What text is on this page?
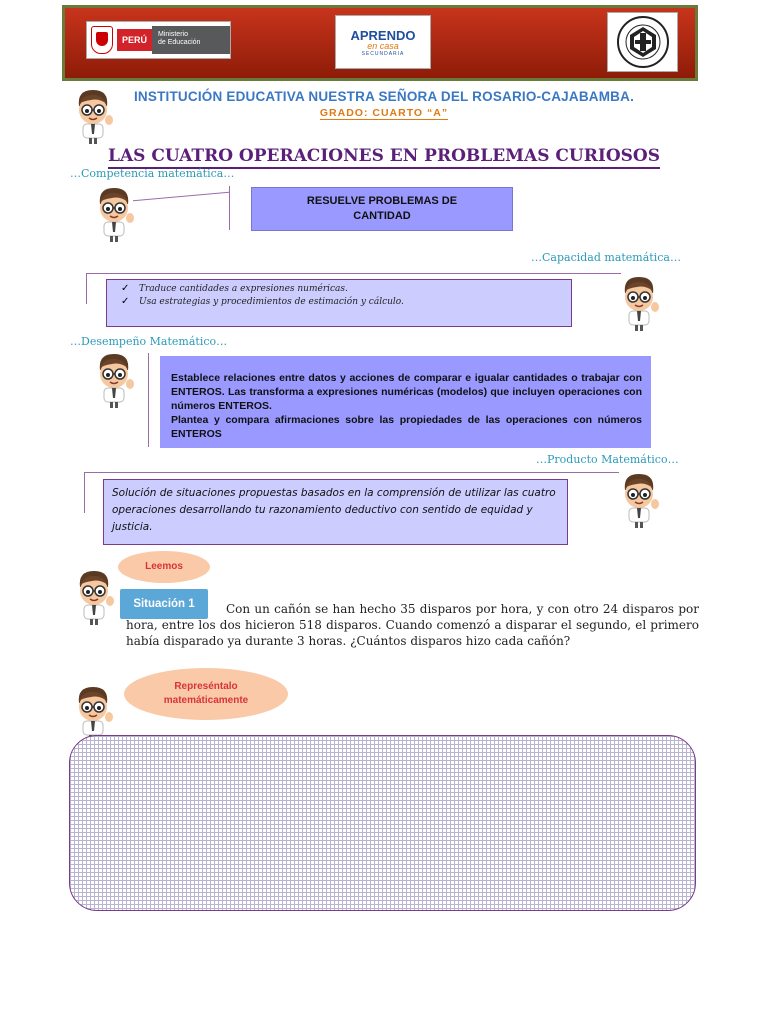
PERÚ
Ministerio
de Educación	APRENDO
en casa
SECUNDARIA
INSTITUCIÓN EDUCATIVA NUESTRA SEÑORA DEL ROSARIO-CAJABAMBA.
GRADO: CUARTO “A”
LAS CUATRO OPERACIONES EN PROBLEMAS CURIOSOS
…Competencia matemática…
RESUELVE PROBLEMAS DE
CANTIDAD
…Capacidad matemática…
✓ Traduce cantidades a expresiones numéricas.
✓ Usa estrategias y procedimientos de estimación y cálculo.
…Desempeño Matemático…
Establece relaciones entre datos y acciones de comparar e igualar cantidades o trabajar con ENTEROS. Las transforma a expresiones numéricas (modelos) que incluyen operaciones con números ENTEROS.
Plantea y compara afirmaciones sobre las propiedades de las operaciones con números ENTEROS
…Producto Matemático…
Solución de situaciones propuestas basados en la comprensión de utilizar las cuatro operaciones desarrollando tu razonamiento deductivo con sentido de equidad y justicia.
Leemos
Situación 1	Con un cañón se han hecho 35 disparos por hora, y con otro 24 disparos por hora, entre los dos hicieron 518 disparos. Cuando comenzó a disparar el segundo, el primero había disparado ya durante 3 horas. ¿Cuántos disparos hizo cada cañón?
Represéntalo
matemáticamente
